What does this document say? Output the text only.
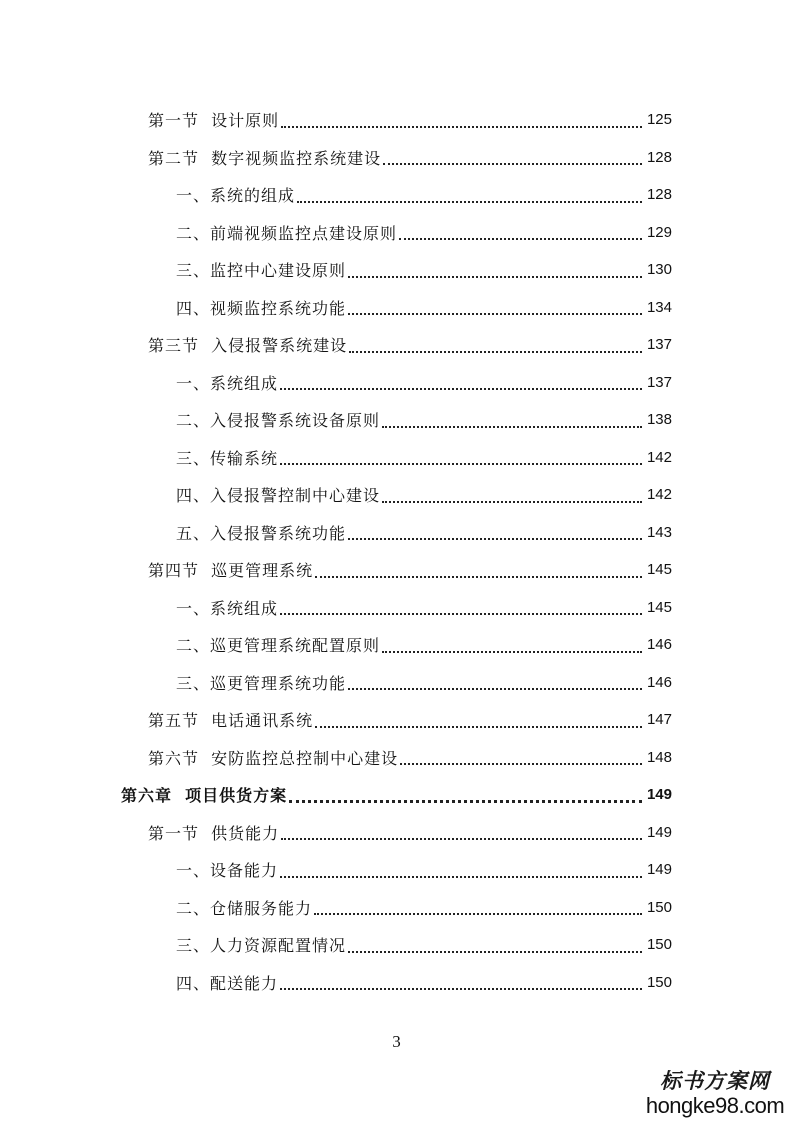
第一节  设计原则	125
第二节  数字视频监控系统建设	128
一、系统的组成	128
二、前端视频监控点建设原则	129
三、监控中心建设原则	130
四、视频监控系统功能	134
第三节  入侵报警系统建设	137
一、系统组成	137
二、入侵报警系统设备原则	138
三、传输系统	142
四、入侵报警控制中心建设	142
五、入侵报警系统功能	143
第四节  巡更管理系统	145
一、系统组成	145
二、巡更管理系统配置原则	146
三、巡更管理系统功能	146
第五节  电话通讯系统	147
第六节  安防监控总控制中心建设	148
第六章  项目供货方案	149
第一节  供货能力	149
一、设备能力	149
二、仓储服务能力	150
三、人力资源配置情况	150
四、配送能力	150
3
标书方案网
hongke98.com
